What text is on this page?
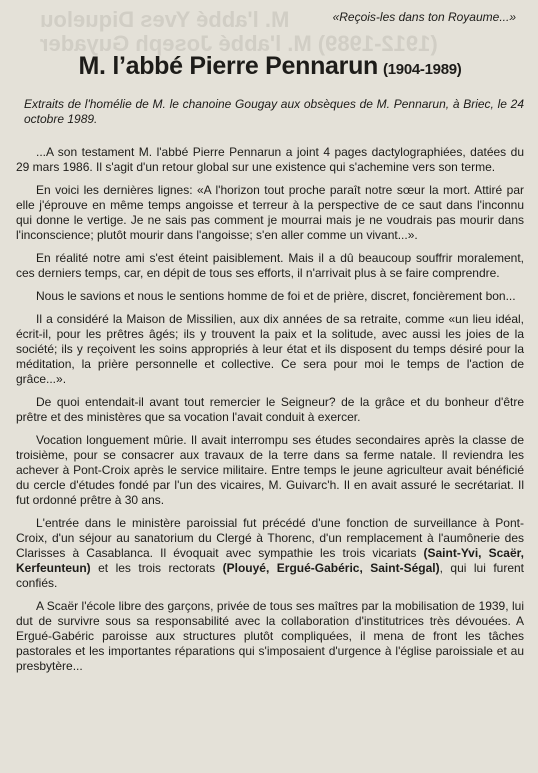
M. l'abbé Yves Diquelou
(1912-1989) M. l'abbé Joseph Guyader
«Reçois-les dans ton Royaume...»
M. l’abbé Pierre Pennarun (1904-1989)
Extraits de l'homélie de M. le chanoine Gougay aux obsèques de M. Pennarun, à Briec, le 24 octobre 1989.

...A son testament M. l'abbé Pierre Pennarun a joint 4 pages dactylographiées, datées du 29 mars 1986. Il s'agit d'un retour global sur une existence qui s'achemine vers son terme.

En voici les dernières lignes: «A l'horizon tout proche paraît notre sœur la mort. Attiré par elle j'éprouve en même temps angoisse et terreur à la perspective de ce saut dans l'inconnu qui donne le vertige. Je ne sais pas comment je mourrai mais je ne voudrais pas mourir dans l'inconscience; plutôt mourir dans l'angoisse; s'en aller comme un vivant...».

En réalité notre ami s'est éteint paisiblement. Mais il a dû beaucoup souffrir moralement, ces derniers temps, car, en dépit de tous ses efforts, il n'arrivait plus à se faire comprendre.

Nous le savions et nous le sentions homme de foi et de prière, discret, foncièrement bon...

Il a considéré la Maison de Missilien, aux dix années de sa retraite, comme «un lieu idéal, écrit-il, pour les prêtres âgés; ils y trouvent la paix et la solitude, avec aussi les joies de la société; ils y reçoivent les soins appropriés à leur état et ils disposent du temps désiré pour la méditation, la prière personnelle et collective. Ce sera pour moi le temps de l'action de grâce...».

De quoi entendait-il avant tout remercier le Seigneur? de la grâce et du bonheur d'être prêtre et des ministères que sa vocation l'avait conduit à exercer.

Vocation longuement mûrie. Il avait interrompu ses études secondaires après la classe de troisième, pour se consacrer aux travaux de la terre dans sa ferme natale. Il reviendra les achever à Pont-Croix après le service militaire. Entre temps le jeune agriculteur avait bénéficié du cercle d'études fondé par l'un des vicaires, M. Guivarc'h. Il en avait assuré le secrétariat. Il fut ordonné prêtre à 30 ans.

L'entrée dans le ministère paroissial fut précédé d'une fonction de surveillance à Pont-Croix, d'un séjour au sanatorium du Clergé à Thorenc, d'un remplacement à l'aumônerie des Clarisses à Casablanca. Il évoquait avec sympathie les trois vicariats (Saint-Yvi, Scaër, Kerfeunteun) et les trois rectorats (Plouyé, Ergué-Gabéric, Saint-Ségal), qui lui furent confiés.

A Scaër l'école libre des garçons, privée de tous ses maîtres par la mobilisation de 1939, lui dut de survivre sous sa responsabilité avec la collaboration d'institutrices très dévouées. A Ergué-Gabéric paroisse aux structures plutôt compliquées, il mena de front les tâches pastorales et les importantes réparations qui s'imposaient d'urgence à l'église paroissiale et au presbytère...
